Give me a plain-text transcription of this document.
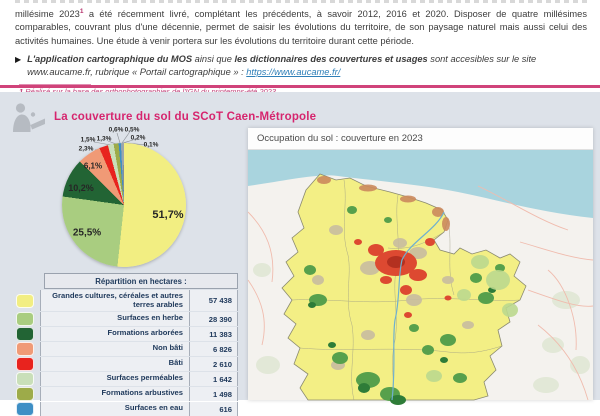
millésime 2023$^1$ a été récemment livré, complétant les précédents, à savoir 2012, 2016 et 2020. Disposer de quatre millésimes comparables, couvrant plus d'une décennie, permet de saisir les évolutions du territoire, de son paysage naturel mais aussi celui des activités humaines. Une étude à venir portera sur les évolutions du territoire durant cette période.

▶ L'application cartographique du MOS ainsi que les dictionnaires des couvertures et usages sont accesibles sur le site www.aucame.fr, rubrique « Portail cartographique » : https://www.aucame.fr/

La couverture du sol du SCoT Caen-Métropole
51,7%
25,5%
10,2%
6,1%
2,3%
1,5% 1,3%
0,6% 0,5%
0,2%
0,1%
Répartition en hectares :
Grandes cultures, céréales et autres terres arables	57 438
Surfaces en herbe	28 390
Formations arborées	11 383
Non bâti	6 826
Bâti	2 610
Surfaces perméables	1 642
Formations arbustives	1 498
Surfaces en eau	616
Occupation du sol : couverture en 2023
